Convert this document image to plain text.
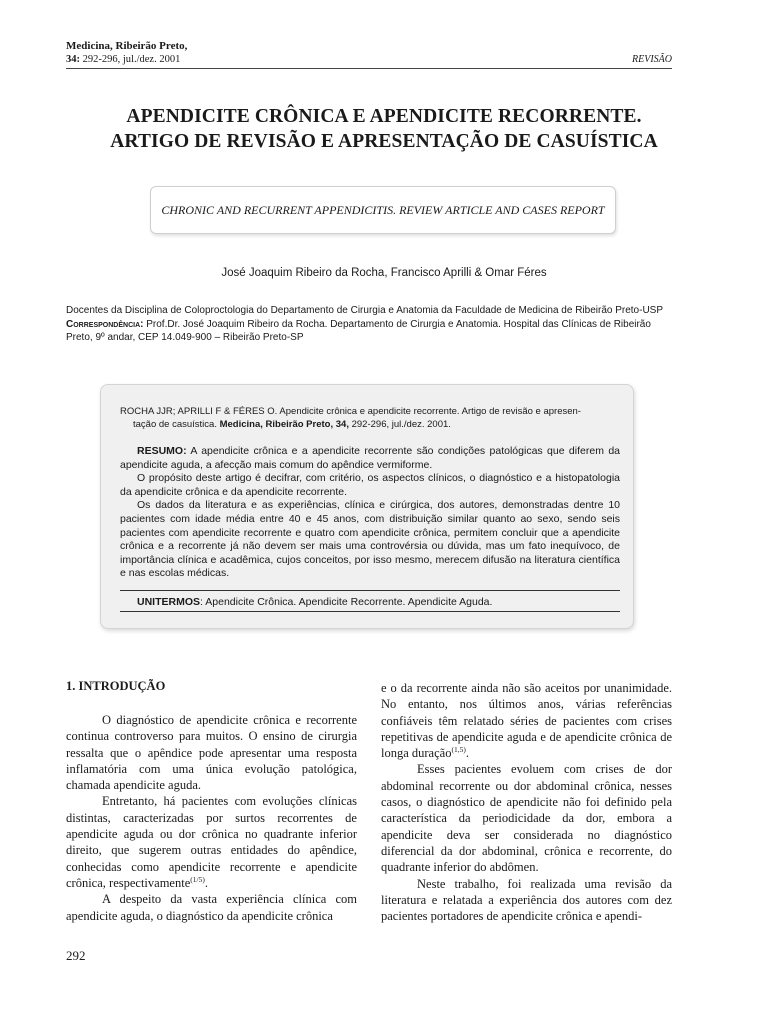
Medicina, Ribeirão Preto,
34: 292-296, jul./dez. 2001	REVISÃO
APENDICITE CRÔNICA E APENDICITE RECORRENTE.
ARTIGO DE REVISÃO E APRESENTAÇÃO DE CASUÍSTICA
CHRONIC AND RECURRENT APPENDICITIS. REVIEW ARTICLE AND CASES REPORT
José Joaquim Ribeiro da Rocha, Francisco Aprilli & Omar Féres
Docentes da Disciplina de Coloproctologia do Departamento de Cirurgia e Anatomia da Faculdade de Medicina de Ribeirão Preto-USP
Correspondência: Prof.Dr. José Joaquim Ribeiro da Rocha. Departamento de Cirurgia e Anatomia. Hospital das Clínicas de Ribeirão Preto, 9º andar, CEP 14.049-900 – Ribeirão Preto-SP
ROCHA JJR; APRILLI F & FÉRES O. Apendicite crônica e apendicite recorrente. Artigo de revisão e apresen-
tação de casuística. Medicina, Ribeirão Preto, 34, 292-296, jul./dez. 2001.

RESUMO: A apendicite crônica e a apendicite recorrente são condições patológicas que diferem da apendicite aguda, a afecção mais comum do apêndice vermiforme.

O propósito deste artigo é decifrar, com critério, os aspectos clínicos, o diagnóstico e a histopatologia da apendicite crônica e da apendicite recorrente.

Os dados da literatura e as experiências, clínica e cirúrgica, dos autores, demonstradas dentre 10 pacientes com idade média entre 40 e 45 anos, com distribuição similar quanto ao sexo, sendo seis pacientes com apendicite recorrente e quatro com apendicite crônica, permitem concluir que a apendicite crônica e a recorrente já não devem ser mais uma controvérsia ou dúvida, mas um fato inequívoco, de importância clínica e acadêmica, cujos conceitos, por isso mesmo, merecem difusão na literatura científica e nas escolas médicas.

UNITERMOS: Apendicite Crônica. Apendicite Recorrente. Apendicite Aguda.
1. INTRODUÇÃO

O diagnóstico de apendicite crônica e recorrente continua controverso para muitos. O ensino de cirurgia ressalta que o apêndice pode apresentar uma resposta inflamatória com uma única evolução patológica, chamada apendicite aguda.

Entretanto, há pacientes com evoluções clínicas distintas, caracterizadas por surtos recorrentes de apendicite aguda ou dor crônica no quadrante inferior direito, que sugerem outras entidades do apêndice, conhecidas como apendicite recorrente e apendicite crônica, respectivamente$^{(1/5)}$.

A despeito da vasta experiência clínica com apendicite aguda, o diagnóstico da apendicite crônica

e o da recorrente ainda não são aceitos por unanimidade. No entanto, nos últimos anos, várias referências confiáveis têm relatado séries de pacientes com crises repetitivas de apendicite aguda e de apendicite crônica de longa duração$^{(1,5)}$.

Esses pacientes evoluem com crises de dor abdominal recorrente ou dor abdominal crônica, nesses casos, o diagnóstico de apendicite não foi definido pela característica da periodicidade da dor, embora a apendicite deva ser considerada no diagnóstico diferencial da dor abdominal, crônica e recorrente, do quadrante inferior do abdômen.

Neste trabalho, foi realizada uma revisão da literatura e relatada a experiência dos autores com dez pacientes portadores de apendicite crônica e apendi-

292
